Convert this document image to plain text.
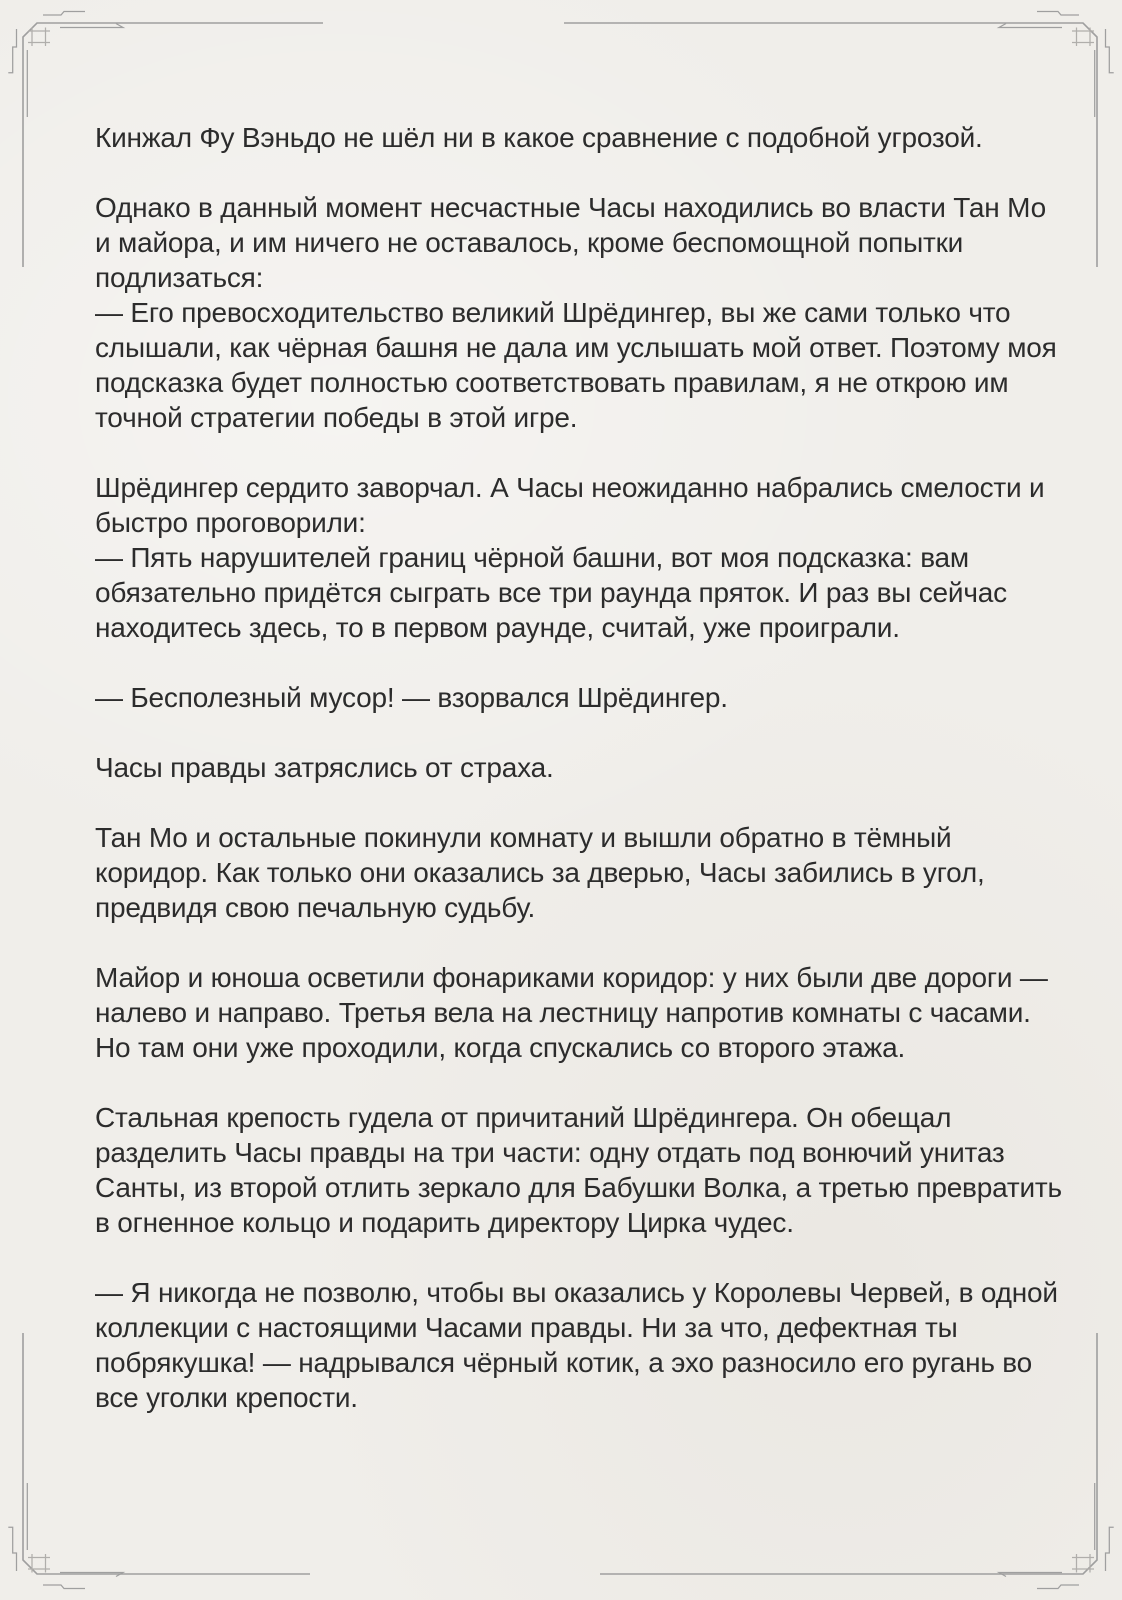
Кинжал Фу Вэньдо не шёл ни в какое сравнение с подобной угрозой.

Однако в данный момент несчастные Часы находились во власти Тан Мо
и майора, и им ничего не оставалось, кроме беспомощной попытки
подлизаться:
— Его превосходительство великий Шрёдингер, вы же сами только что
слышали, как чёрная башня не дала им услышать мой ответ. Поэтому моя
подсказка будет полностью соответствовать правилам, я не открою им
точной стратегии победы в этой игре.

Шрёдингер сердито заворчал. А Часы неожиданно набрались смелости и
быстро проговорили:
— Пять нарушителей границ чёрной башни, вот моя подсказка: вам
обязательно придётся сыграть все три раунда пряток. И раз вы сейчас
находитесь здесь, то в первом раунде, считай, уже проиграли.

— Бесполезный мусор! — взорвался Шрёдингер.

Часы правды затряслись от страха.

Тан Мо и остальные покинули комнату и вышли обратно в тёмный
коридор. Как только они оказались за дверью, Часы забились в угол,
предвидя свою печальную судьбу.

Майор и юноша осветили фонариками коридор: у них были две дороги —
налево и направо. Третья вела на лестницу напротив комнаты с часами.
Но там они уже проходили, когда спускались со второго этажа.

Стальная крепость гудела от причитаний Шрёдингера. Он обещал
разделить Часы правды на три части: одну отдать под вонючий унитаз
Санты, из второй отлить зеркало для Бабушки Волка, а третью превратить
в огненное кольцо и подарить директору Цирка чудес.

— Я никогда не позволю, чтобы вы оказались у Королевы Червей, в одной
коллекции с настоящими Часами правды. Ни за что, дефектная ты
побрякушка! — надрывался чёрный котик, а эхо разносило его ругань во
все уголки крепости.
